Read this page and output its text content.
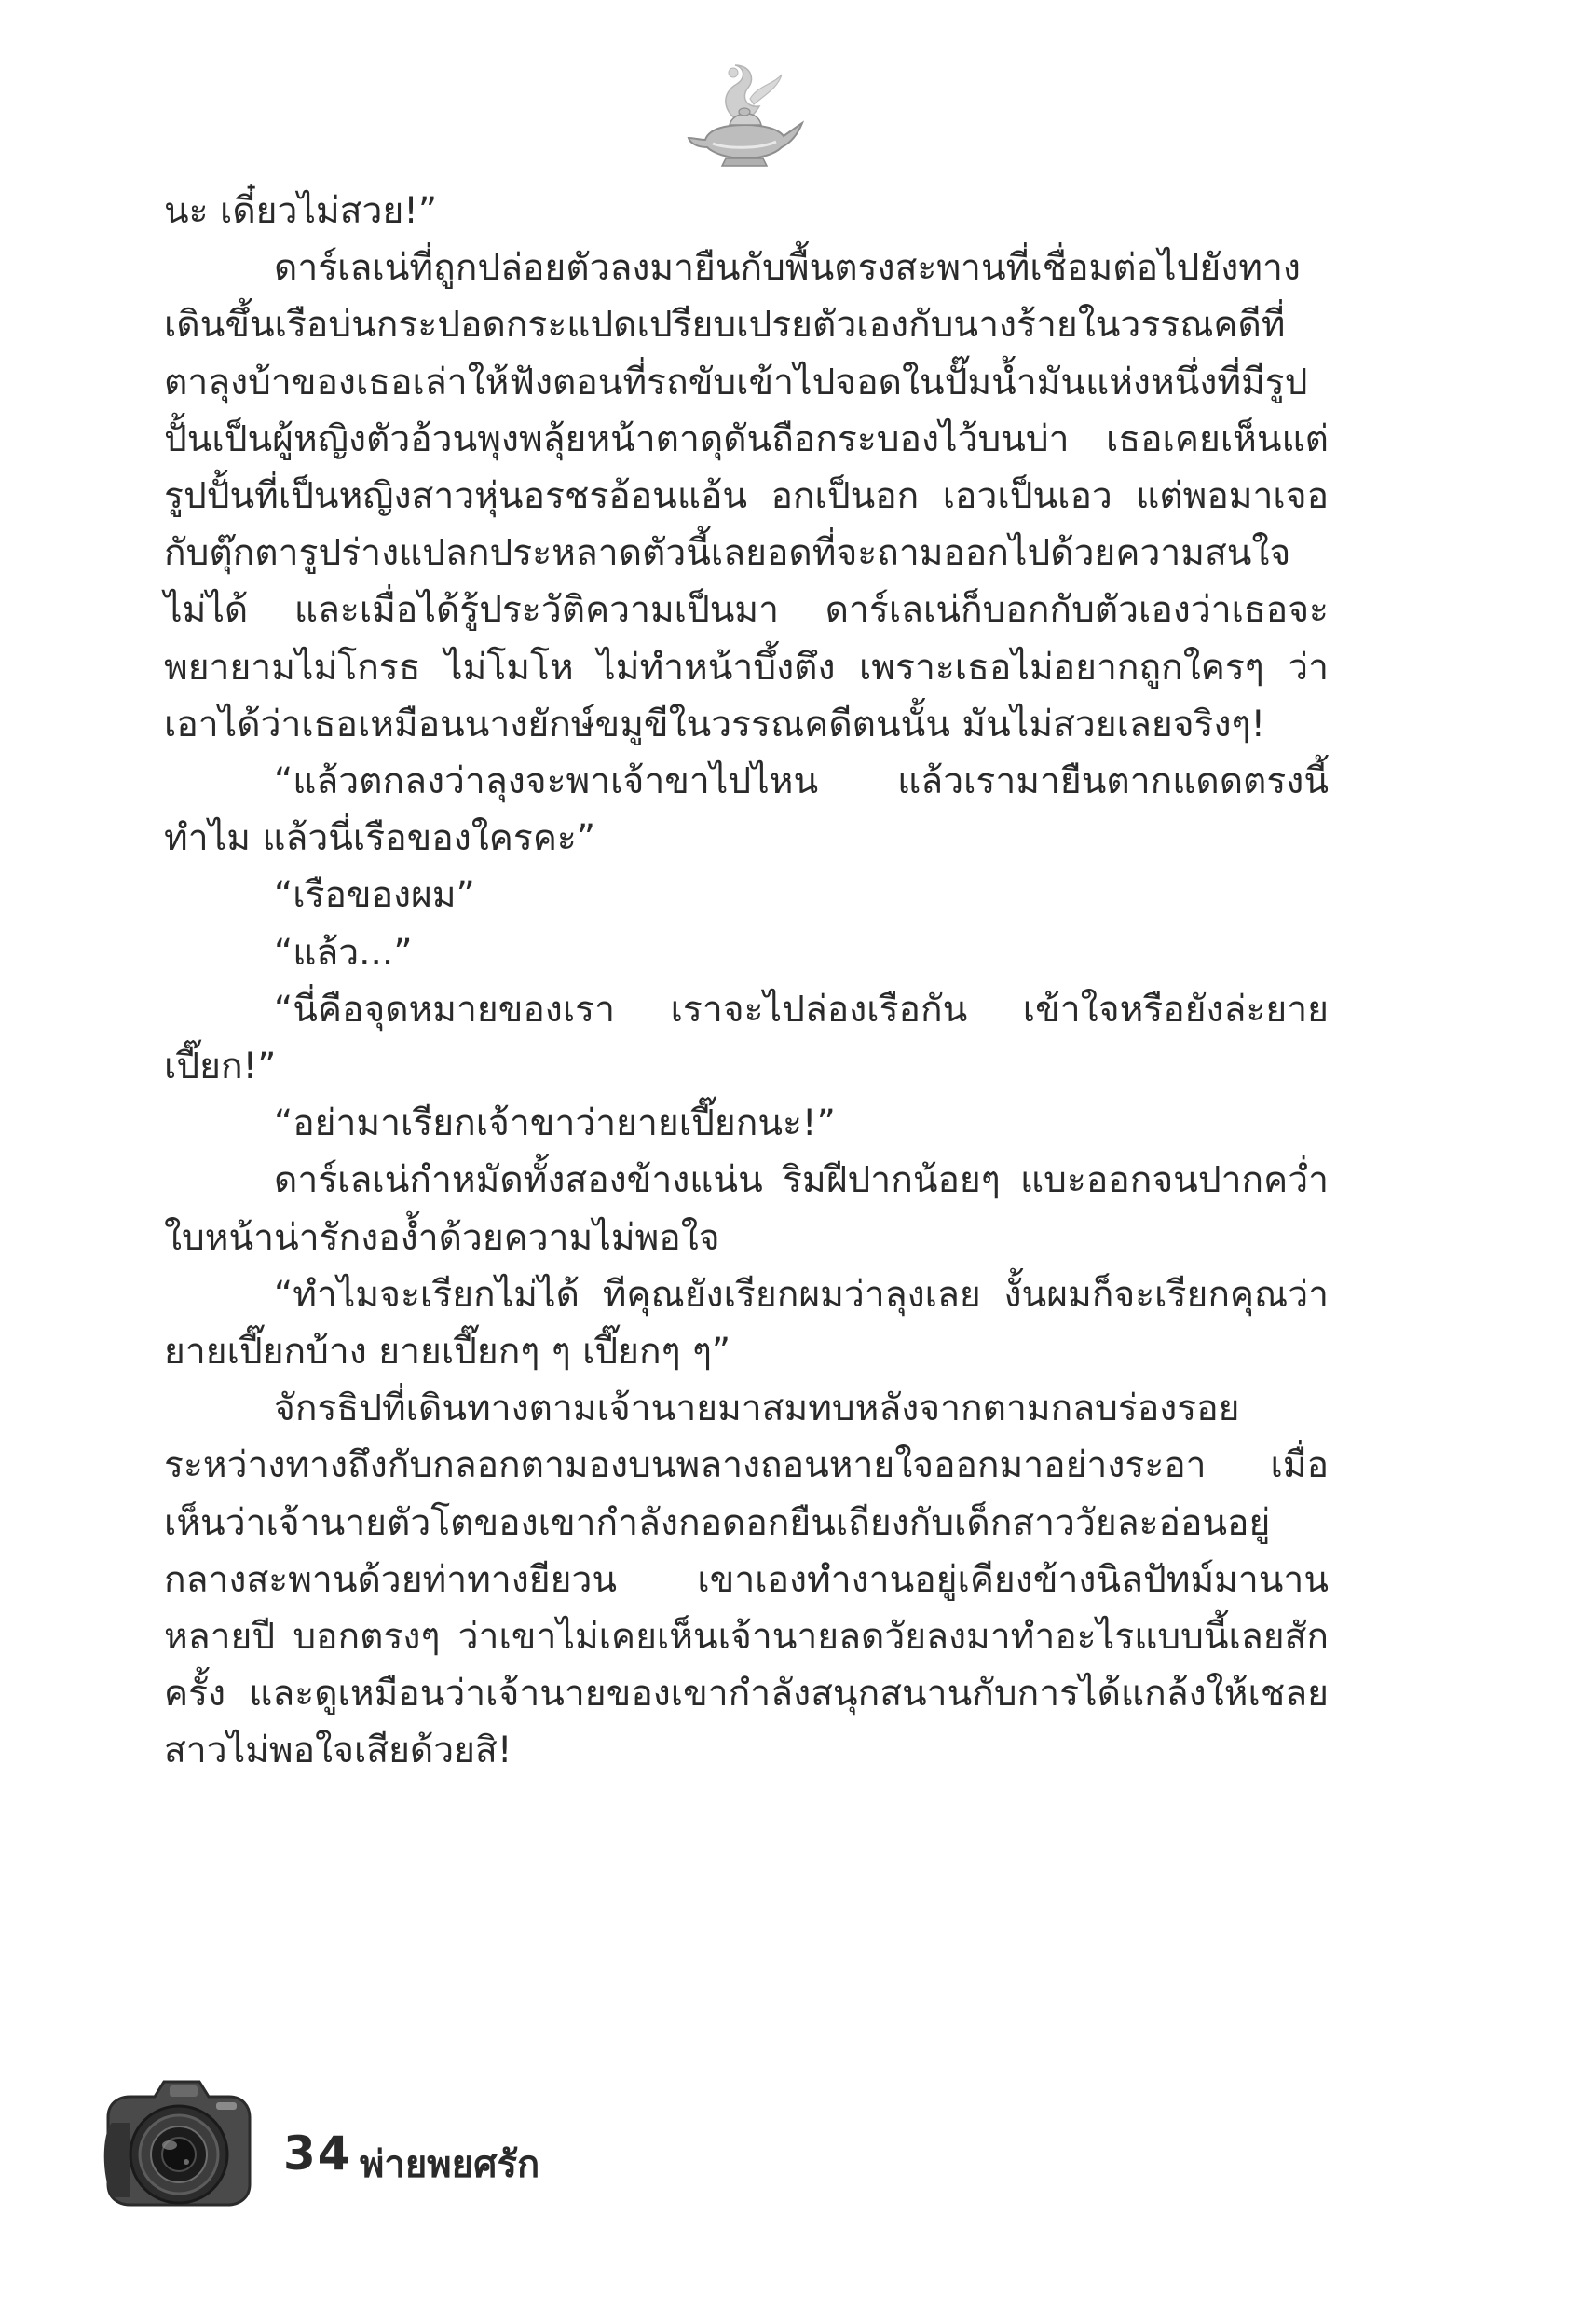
นะ เดี๋ยวไม่สวย!”

ดาร์เลเน่ที่ถูกปล่อยตัวลงมายืนกับพื้นตรงสะพานที่เชื่อมต่อไปยังทางเดินขึ้นเรือบ่นกระปอดกระแปดเปรียบเปรยตัวเองกับนางร้ายในวรรณคดีที่ตาลุงบ้าของเธอเล่าให้ฟังตอนที่รถขับเข้าไปจอดในปั๊มน้ำมันแห่งหนึ่งที่มีรูปปั้นเป็นผู้หญิงตัวอ้วนพุงพลุ้ยหน้าตาดุดันถือกระบองไว้บนบ่า เธอเคยเห็นแต่รูปปั้นที่เป็นหญิงสาวหุ่นอรชรอ้อนแอ้น อกเป็นอก เอวเป็นเอว แต่พอมาเจอกับตุ๊กตารูปร่างแปลกประหลาดตัวนี้เลยอดที่จะถามออกไปด้วยความสนใจไม่ได้ และเมื่อได้รู้ประวัติความเป็นมา ดาร์เลเน่ก็บอกกับตัวเองว่าเธอจะพยายามไม่โกรธ ไม่โมโห ไม่ทำหน้าบึ้งตึง เพราะเธอไม่อยากถูกใครๆ ว่าเอาได้ว่าเธอเหมือนนางยักษ์ขมูขีในวรรณคดีตนนั้น มันไม่สวยเลยจริงๆ!

“แล้วตกลงว่าลุงจะพาเจ้าขาไปไหน แล้วเรามายืนตากแดดตรงนี้ทำไม แล้วนี่เรือของใครคะ”

“เรือของผม”

“แล้ว...”

“นี่คือจุดหมายของเรา เราจะไปล่องเรือกัน เข้าใจหรือยังล่ะยายเปี๊ยก!”

“อย่ามาเรียกเจ้าขาว่ายายเปี๊ยกนะ!”

ดาร์เลเน่กำหมัดทั้งสองข้างแน่น ริมฝีปากน้อยๆ แบะออกจนปากคว่ำ ใบหน้าน่ารักงอง้ำด้วยความไม่พอใจ

“ทำไมจะเรียกไม่ได้ ทีคุณยังเรียกผมว่าลุงเลย งั้นผมก็จะเรียกคุณว่ายายเปี๊ยกบ้าง ยายเปี๊ยกๆ ๆ เปี๊ยกๆ ๆ”

จักรธิปที่เดินทางตามเจ้านายมาสมทบหลังจากตามกลบร่องรอยระหว่างทางถึงกับกลอกตามองบนพลางถอนหายใจออกมาอย่างระอา เมื่อเห็นว่าเจ้านายตัวโตของเขากำลังกอดอกยืนเถียงกับเด็กสาววัยละอ่อนอยู่กลางสะพานด้วยท่าทางยียวน เขาเองทำงานอยู่เคียงข้างนิลปัทม์มานานหลายปี บอกตรงๆ ว่าเขาไม่เคยเห็นเจ้านายลดวัยลงมาทำอะไรแบบนี้เลยสักครั้ง และดูเหมือนว่าเจ้านายของเขากำลังสนุกสนานกับการได้แกล้งให้เชลยสาวไม่พอใจเสียด้วยสิ!

34 พ่ายพยศรัก
